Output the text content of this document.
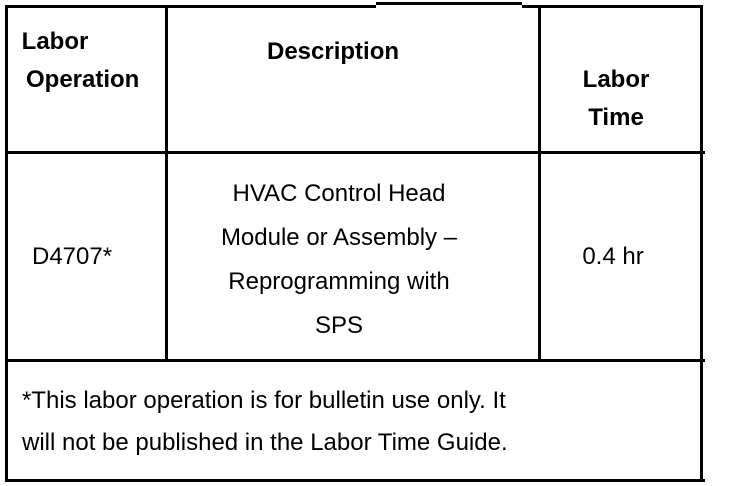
Labor
Operation
Description
Labor
Time
D4707*
HVAC Control Head
Module or Assembly –
Reprogramming with
SPS
0.4 hr
*This labor operation is for bulletin use only. It
will not be published in the Labor Time Guide.
